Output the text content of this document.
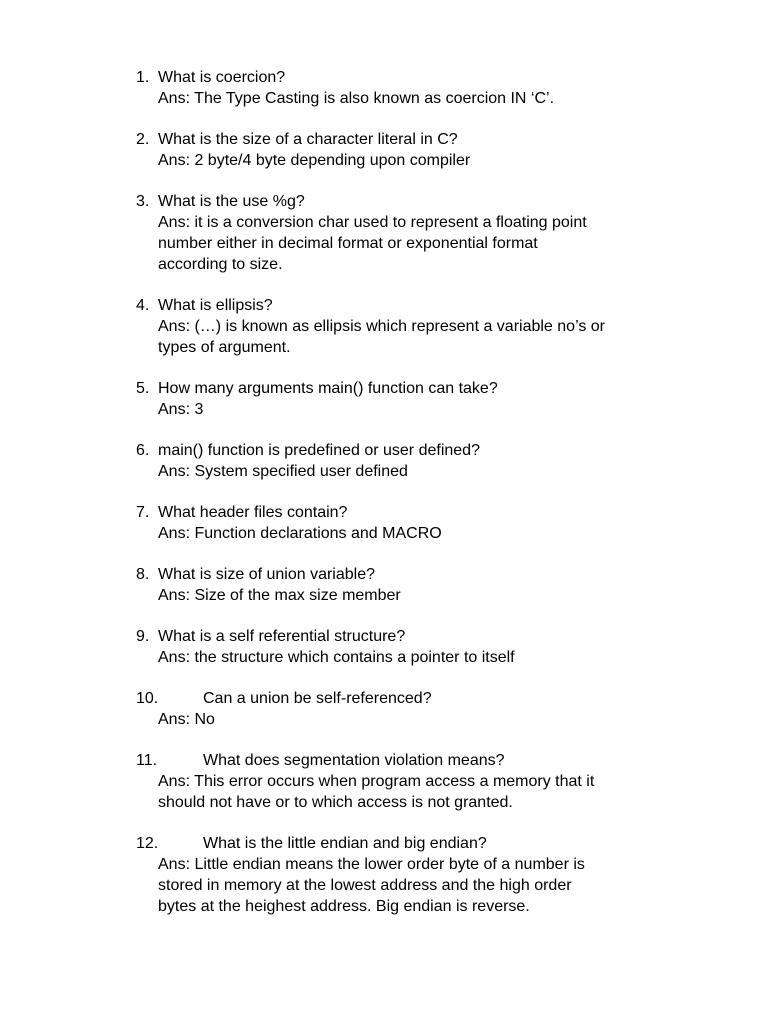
1. What is coercion?
Ans: The Type Casting is also known as coercion IN ‘C’.
2. What is the size of a character literal in C?
Ans: 2 byte/4 byte depending upon compiler
3. What is the use %g?
Ans: it is a conversion char used to represent a floating point
number either in decimal format or exponential format
according to size.
4. What is ellipsis?
Ans: (…) is known as ellipsis which represent a variable no’s or
types of argument.
5. How many arguments main() function can take?
Ans: 3
6. main() function is predefined or user defined?
Ans: System specified user defined
7. What header files contain?
Ans: Function declarations and MACRO
8. What is size of union variable?
Ans: Size of the max size member
9. What is a self referential structure?
Ans: the structure which contains a pointer to itself
10.	Can a union be self-referenced?
Ans: No
11.	What does segmentation violation means?
Ans: This error occurs when program access a memory that it
should not have or to which access is not granted.
12.	What is the little endian and big endian?
Ans: Little endian means the lower order byte of a number is
stored in memory at the lowest address and the high order
bytes at the heighest address. Big endian is reverse.
